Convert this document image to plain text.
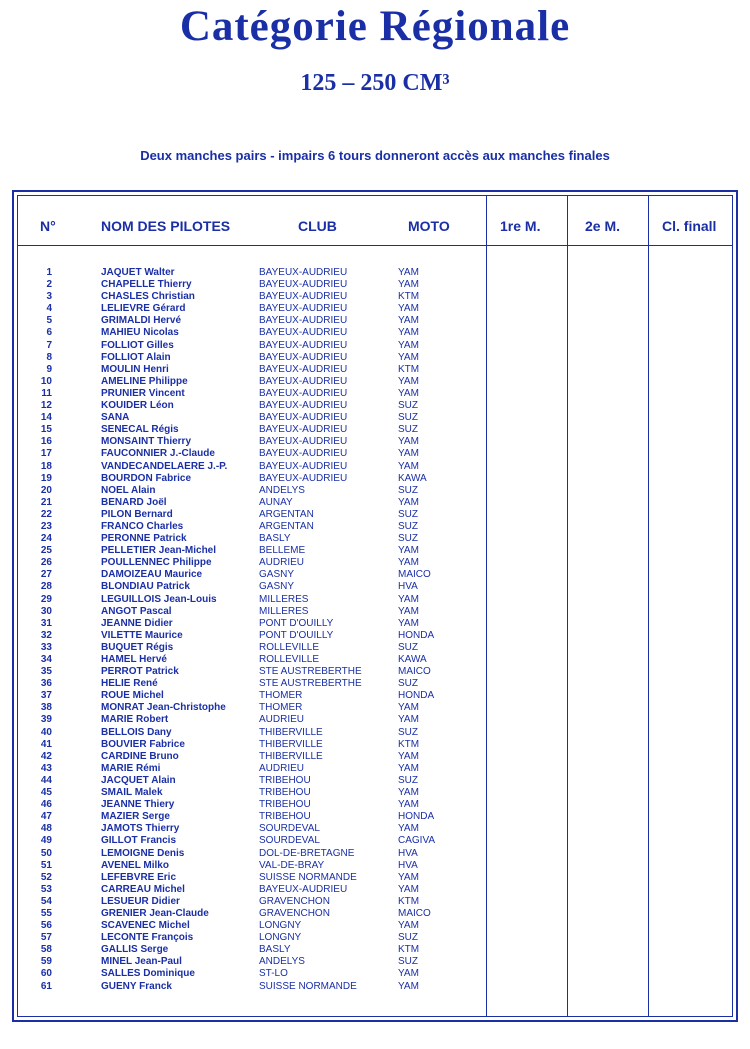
Catégorie Régionale
125 – 250 CM³
Deux manches pairs - impairs 6 tours donneront accès aux manches finales
N°	NOM DES PILOTES	CLUB	MOTO	1re M.	2e M.	Cl. finall
1	JAQUET Walter	BAYEUX-AUDRIEU	YAM
2	CHAPELLE Thierry	BAYEUX-AUDRIEU	YAM
3	CHASLES Christian	BAYEUX-AUDRIEU	KTM
4	LELIEVRE Gérard	BAYEUX-AUDRIEU	YAM
5	GRIMALDI Hervé	BAYEUX-AUDRIEU	YAM
6	MAHIEU Nicolas	BAYEUX-AUDRIEU	YAM
7	FOLLIOT Gilles	BAYEUX-AUDRIEU	YAM
8	FOLLIOT Alain	BAYEUX-AUDRIEU	YAM
9	MOULIN Henri	BAYEUX-AUDRIEU	KTM
10	AMELINE Philippe	BAYEUX-AUDRIEU	YAM
11	PRUNIER Vincent	BAYEUX-AUDRIEU	YAM
12	KOUIDER Léon	BAYEUX-AUDRIEU	SUZ
14	SANA	BAYEUX-AUDRIEU	SUZ
15	SENECAL Régis	BAYEUX-AUDRIEU	SUZ
16	MONSAINT Thierry	BAYEUX-AUDRIEU	YAM
17	FAUCONNIER J.-Claude	BAYEUX-AUDRIEU	YAM
18	VANDECANDELAERE J.-P.	BAYEUX-AUDRIEU	YAM
19	BOURDON Fabrice	BAYEUX-AUDRIEU	KAWA
20	NOEL Alain	ANDELYS	SUZ
21	BENARD Joël	AUNAY	YAM
22	PILON Bernard	ARGENTAN	SUZ
23	FRANCO Charles	ARGENTAN	SUZ
24	PERONNE Patrick	BASLY	SUZ
25	PELLETIER Jean-Michel	BELLEME	YAM
26	POULLENNEC Philippe	AUDRIEU	YAM
27	DAMOIZEAU Maurice	GASNY	MAICO
28	BLONDIAU Patrick	GASNY	HVA
29	LEGUILLOIS Jean-Louis	MILLERES	YAM
30	ANGOT Pascal	MILLERES	YAM
31	JEANNE Didier	PONT D'OUILLY	YAM
32	VILETTE Maurice	PONT D'OUILLY	HONDA
33	BUQUET Régis	ROLLEVILLE	SUZ
34	HAMEL Hervé	ROLLEVILLE	KAWA
35	PERROT Patrick	STE AUSTREBERTHE	MAICO
36	HELIE René	STE AUSTREBERTHE	SUZ
37	ROUE Michel	THOMER	HONDA
38	MONRAT Jean-Christophe	THOMER	YAM
39	MARIE Robert	AUDRIEU	YAM
40	BELLOIS Dany	THIBERVILLE	SUZ
41	BOUVIER Fabrice	THIBERVILLE	KTM
42	CARDINE Bruno	THIBERVILLE	YAM
43	MARIE Rémi	AUDRIEU	YAM
44	JACQUET Alain	TRIBEHOU	SUZ
45	SMAIL Malek	TRIBEHOU	YAM
46	JEANNE Thiery	TRIBEHOU	YAM
47	MAZIER Serge	TRIBEHOU	HONDA
48	JAMOTS Thierry	SOURDEVAL	YAM
49	GILLOT Francis	SOURDEVAL	CAGIVA
50	LEMOIGNE Denis	DOL-DE-BRETAGNE	HVA
51	AVENEL Milko	VAL-DE-BRAY	HVA
52	LEFEBVRE Eric	SUISSE NORMANDE	YAM
53	CARREAU Michel	BAYEUX-AUDRIEU	YAM
54	LESUEUR Didier	GRAVENCHON	KTM
55	GRENIER Jean-Claude	GRAVENCHON	MAICO
56	SCAVENEC Michel	LONGNY	YAM
57	LECONTE François	LONGNY	SUZ
58	GALLIS Serge	BASLY	KTM
59	MINEL Jean-Paul	ANDELYS	SUZ
60	SALLES Dominique	ST-LO	YAM
61	GUENY Franck	SUISSE NORMANDE	YAM
